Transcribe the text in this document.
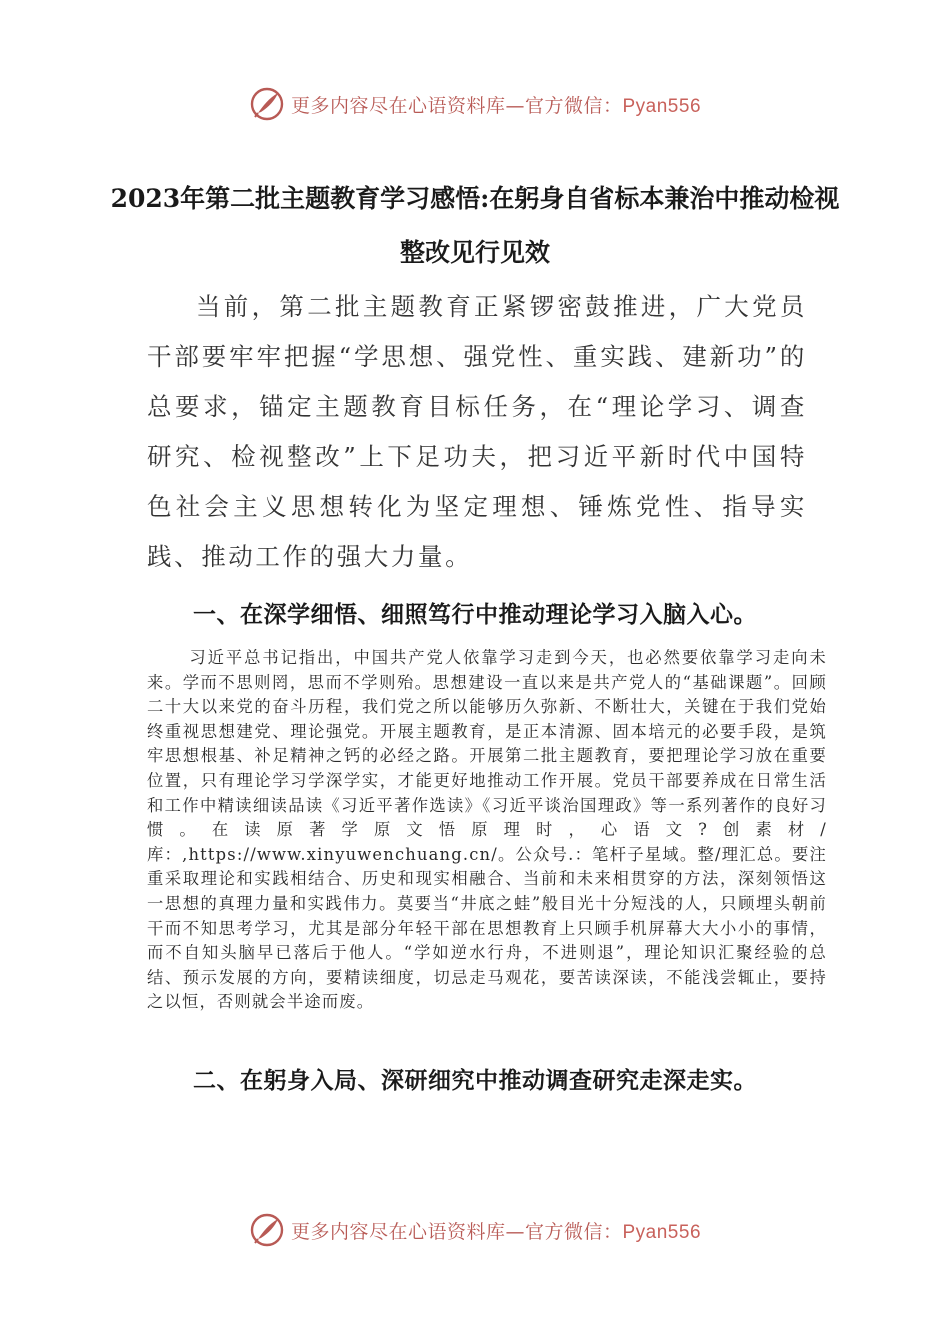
更多内容尽在心语资料库—官方微信：Pyan556
2023年第二批主题教育学习感悟:在躬身自省标本兼治中推动检视整改见行见效

当前，第二批主题教育正紧锣密鼓推进，广大党员干部要牢牢把握“学思想、强党性、重实践、建新功”的总要求，锚定主题教育目标任务，在“理论学习、调查研究、检视整改”上下足功夫，把习近平新时代中国特色社会主义思想转化为坚定理想、锤炼党性、指导实践、推动工作的强大力量。

一、在深学细悟、细照笃行中推动理论学习入脑入心。

习近平总书记指出，中国共产党人依靠学习走到今天，也必然要依靠学习走向未来。学而不思则罔，思而不学则殆。思想建设一直以来是共产党人的“基础课题”。回顾二十大以来党的奋斗历程，我们党之所以能够历久弥新、不断壮大，关键在于我们党始终重视思想建党、理论强党。开展主题教育，是正本清源、固本培元的必要手段，是筑牢思想根基、补足精神之钙的必经之路。开展第二批主题教育，要把理论学习放在重要位置，只有理论学习学深学实，才能更好地推动工作开展。党员干部要养成在日常生活和工作中精读细读品读《习近平著作选读》《习近平谈治国理政》等一系列著作的良好习惯。在读原著学原文悟原理时，心语文?创素材/库：,https://www.xinyuwenchuang.cn/。公众号.：笔杆子星域。整/理汇总。要注重采取理论和实践相结合、历史和现实相融合、当前和未来相贯穿的方法，深刻领悟这一思想的真理力量和实践伟力。莫要当“井底之蛙”般目光十分短浅的人，只顾埋头朝前干而不知思考学习，尤其是部分年轻干部在思想教育上只顾手机屏幕大大小小的事情，而不自知头脑早已落后于他人。“学如逆水行舟，不进则退”，理论知识汇聚经验的总结、预示发展的方向，要精读细度，切忌走马观花，要苦读深读，不能浅尝辄止，要持之以恒，否则就会半途而废。

二、在躬身入局、深研细究中推动调查研究走深走实。
更多内容尽在心语资料库—官方微信：Pyan556
